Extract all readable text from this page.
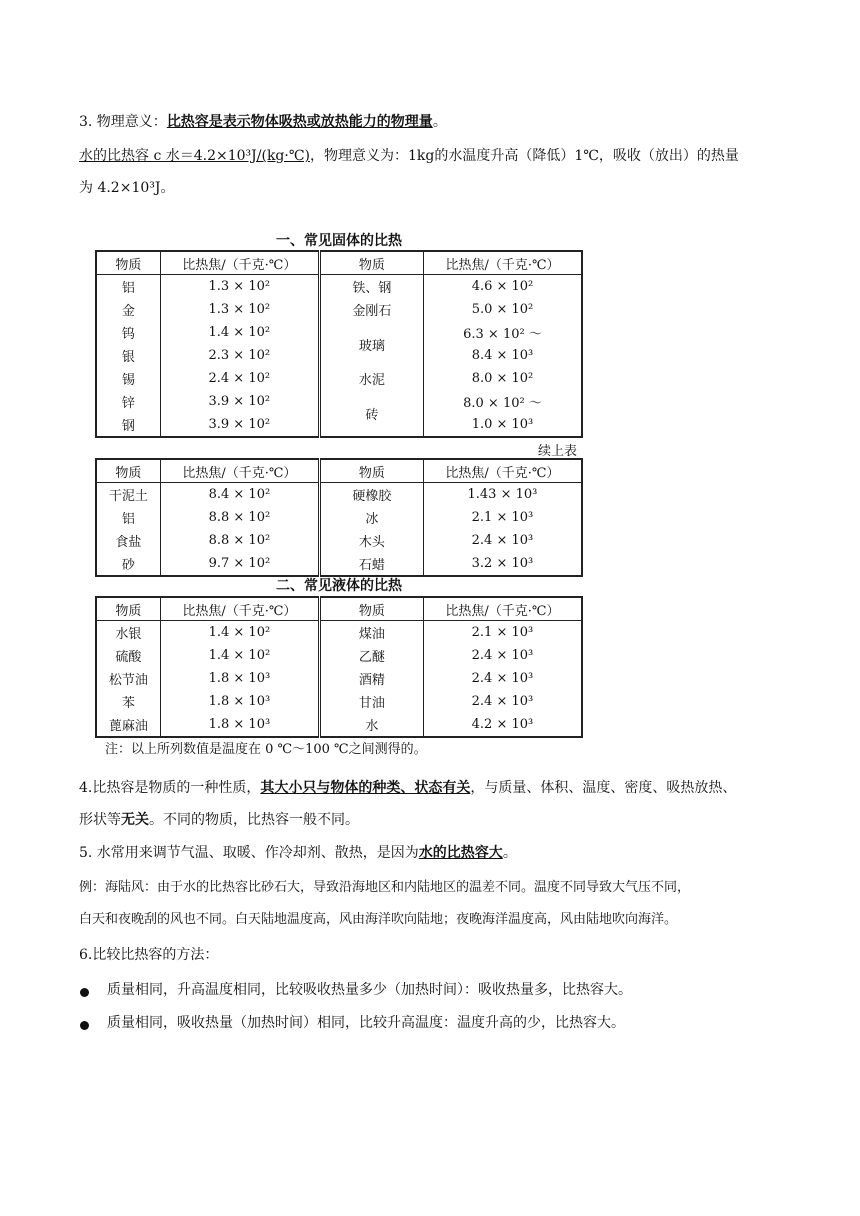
3. 物理意义：比热容是表示物体吸热或放热能力的物理量。
水的比热容 c 水＝4.2×10³J/(kg·℃)，物理意义为：1kg的水温度升高（降低）1℃，吸收（放出）的热量
为 4.2×10³J。
一、常见固体的比热
物质	比热焦/（千克·℃）	物质	比热焦/（千克·℃）
铝	1.3 × 10²	铁、钢	4.6 × 10²
金	1.3 × 10²	金刚石	5.0 × 10²
钨	1.4 × 10²	玻璃	6.3 × 10² ～
银	2.3 × 10²		8.4 × 10³
锡	2.4 × 10²	水泥	8.0 × 10²
锌	3.9 × 10²	砖	8.0 × 10² ～
钢	3.9 × 10²		1.0 × 10³
续上表
物质	比热焦/（千克·℃）	物质	比热焦/（千克·℃）
干泥土	8.4 × 10²	硬橡胶	1.43 × 10³
铝	8.8 × 10²	冰	2.1 × 10³
食盐	8.8 × 10²	木头	2.4 × 10³
砂	9.7 × 10²	石蜡	3.2 × 10³
二、常见液体的比热
物质	比热焦/（千克·℃）	物质	比热焦/（千克·℃）
水银	1.4 × 10²	煤油	2.1 × 10³
硫酸	1.4 × 10²	乙醚	2.4 × 10³
松节油	1.8 × 10³	酒精	2.4 × 10³
苯	1.8 × 10³	甘油	2.4 × 10³
蓖麻油	1.8 × 10³	水	4.2 × 10³
注：以上所列数值是温度在 0 ℃～100 ℃之间测得的。
4.比热容是物质的一种性质，其大小只与物体的种类、状态有关，与质量、体积、温度、密度、吸热放热、
形状等无关。不同的物质，比热容一般不同。
5. 水常用来调节气温、取暖、作冷却剂、散热，是因为水的比热容大。
例：海陆风：由于水的比热容比砂石大，导致沿海地区和内陆地区的温差不同。温度不同导致大气压不同，
白天和夜晚刮的风也不同。白天陆地温度高，风由海洋吹向陆地；夜晚海洋温度高，风由陆地吹向海洋。
6.比较比热容的方法：
质量相同，升高温度相同，比较吸收热量多少（加热时间）：吸收热量多，比热容大。
质量相同，吸收热量（加热时间）相同，比较升高温度：温度升高的少，比热容大。
